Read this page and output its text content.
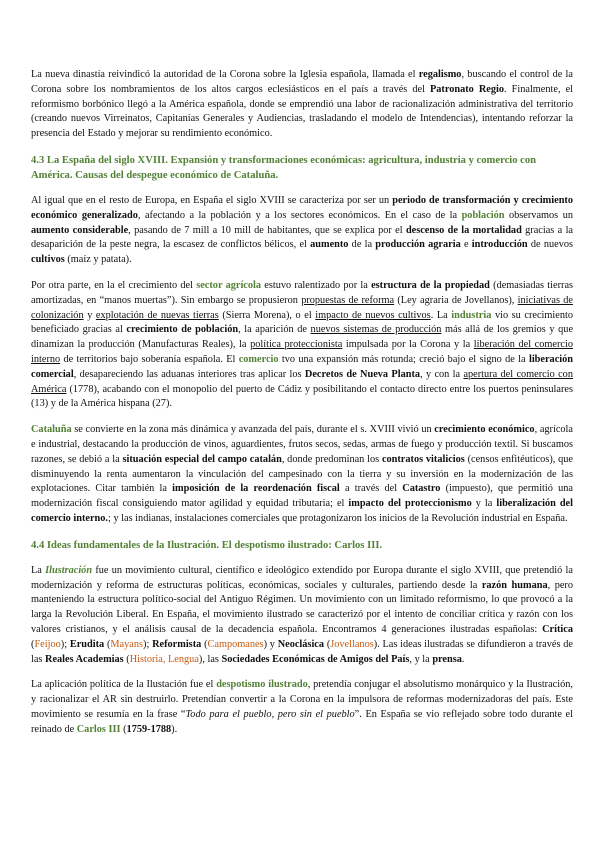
La nueva dinastía reivindicó la autoridad de la Corona sobre la Iglesia española, llamada el regalismo, buscando el control de la Corona sobre los nombramientos de los altos cargos eclesiásticos en el país a través del Patronato Regio. Finalmente, el reformismo borbónico llegó a la América española, donde se emprendió una labor de racionalización administrativa del territorio (creando nuevos Virreinatos, Capitanías Generales y Audiencias, trasladando el modelo de Intendencias), intentando reforzar la presencia del Estado y mejorar su rendimiento económico.

4.3 La España del siglo XVIII. Expansión y transformaciones económicas: agricultura, industria y comercio con América. Causas del despegue económico de Cataluña.

Al igual que en el resto de Europa, en España el siglo XVIII se caracteriza por ser un periodo de transformación y crecimiento económico generalizado, afectando a la población y a los sectores económicos. En el caso de la población observamos un aumento considerable, pasando de 7 mill a 10 mill de habitantes, que se explica por el descenso de la mortalidad gracias a la desaparición de la peste negra, la escasez de conflictos bélicos, el aumento de la producción agraria e introducción de nuevos cultivos (maíz y patata).

Por otra parte, en la el crecimiento del sector agrícola estuvo ralentizado por la estructura de la propiedad (demasiadas tierras amortizadas, en “manos muertas”). Sin embargo se propusieron propuestas de reforma (Ley agraria de Jovellanos), iniciativas de colonización y explotación de nuevas tierras (Sierra Morena), o el impacto de nuevos cultivos. La industria vio su crecimiento beneficiado gracias al crecimiento de población, la aparición de nuevos sistemas de producción más allá de los gremios y que dinamizan la producción (Manufacturas Reales), la política proteccionista impulsada por la Corona y la liberación del comercio interno de territorios bajo soberanía española. El comercio tvo una expansión más rotunda; creció bajo el signo de la liberación comercial, desapareciendo las aduanas interiores tras aplicar los Decretos de Nueva Planta, y con la apertura del comercio con América (1778), acabando con el monopolio del puerto de Cádiz y posibilitando el contacto directo entre los puertos peninsulares (13) y de la América hispana (27).

Cataluña se convierte en la zona más dinámica y avanzada del país, durante el s. XVIII vivió un crecimiento económico, agrícola e industrial, destacando la producción de vinos, aguardientes, frutos secos, sedas, armas de fuego y producción textil. Si buscamos razones, se debió a la situación especial del campo catalán, donde predominan los contratos vitalicios (censos enfitéuticos), que disminuyendo la renta aumentaron la vinculación del campesinado con la tierra y su inversión en la modernización de las explotaciones. Citar también la imposición de la reordenación fiscal a través del Catastro (impuesto), que permitió una modernización fiscal consiguiendo mator agilidad y equidad tributaria; el impacto del proteccionismo y la liberalización del comercio interno.; y las indianas, instalaciones comerciales que protagonizaron los inicios de la Revolución industrial en España.

4.4 Ideas fundamentales de la Ilustración. El despotismo ilustrado: Carlos III.

La Ilustración fue un movimiento cultural, científico e ideológico extendido por Europa durante el siglo XVIII, que pretendió la modernización y reforma de estructuras políticas, económicas, sociales y culturales, partiendo desde la razón humana, pero manteniendo la estructura político-social del Antiguo Régimen. Un movimiento con un limitado reformismo, lo que provocó a la larga la Revolución Liberal. En España, el movimiento ilustrado se caracterizó por el intento de conciliar crítica y razón con los valores cristianos, y el análisis causal de la decadencia española. Encontramos 4 generaciones ilustradas españolas: Crítica (Feijoo); Erudita (Mayans); Reformista (Campomanes) y Neoclásica (Jovellanos). Las ideas ilustradas se difundieron a través de las Reales Academias (Historia, Lengua), las Sociedades Económicas de Amigos del País, y la prensa.

La aplicación política de la Ilustación fue el despotismo ilustrado, pretendía conjugar el absolutismo monárquico y la Ilustración, y racionalizar el AR sin destruirlo. Pretendían convertir a la Corona en la impulsora de reformas modernizadoras del país. Este movimiento se resumía en la frase “Todo para el pueblo, pero sin el pueblo”. En España se vio reflejado sobre todo durante el reinado de Carlos III (1759-1788).
